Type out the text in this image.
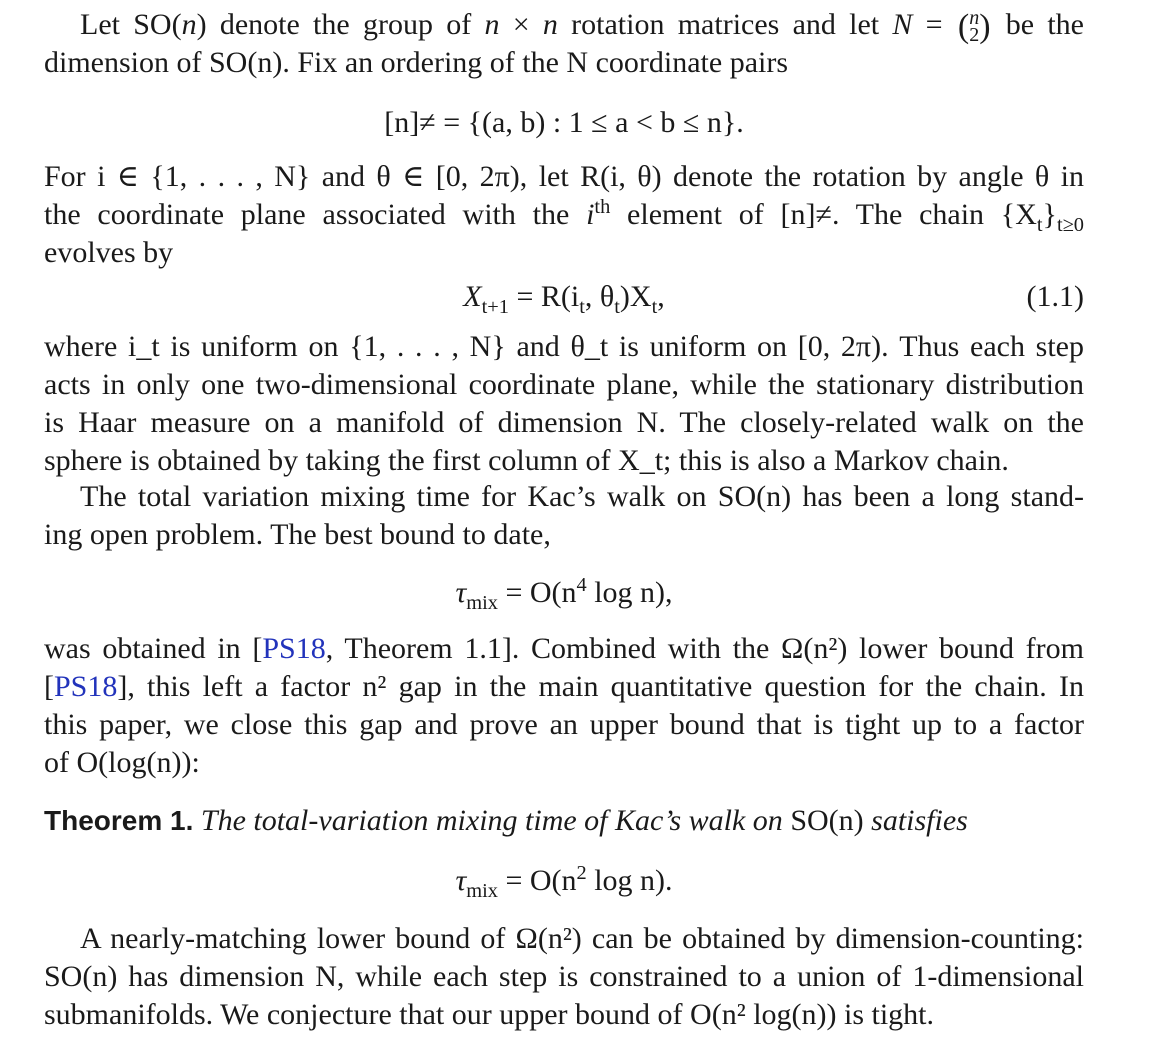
Let SO(n) denote the group of n × n rotation matrices and let N = (n
2) be the
dimension of SO(n). Fix an ordering of the N coordinate pairs
[n]≠ = {(a, b) : 1 ≤ a < b ≤ n}.
For i ∈ {1, . . . , N} and θ ∈ [0, 2π), let R(i, θ) denote the rotation by angle θ in
the coordinate plane associated with the $i^{th}$ element of [n]≠. The chain $\{X_t\}_{t\ge 0}$
evolves by
$X_{t+1} = R(i_t$, $\theta_t)X_t$,	(1.1)
where i_t is uniform on {1, . . . , N} and θ_t is uniform on [0, 2π). Thus each step
acts in only one two-dimensional coordinate plane, while the stationary distribution
is Haar measure on a manifold of dimension N. The closely-related walk on the
sphere is obtained by taking the first column of X_t; this is also a Markov chain.
The total variation mixing time for Kac’s walk on SO(n) has been a long stand-
ing open problem. The best bound to date,
$\tau_{mix} = O(n^4$ log n),
was obtained in [PS18, Theorem 1.1]. Combined with the Ω(n²) lower bound from
[PS18], this left a factor n² gap in the main quantitative question for the chain. In
this paper, we close this gap and prove an upper bound that is tight up to a factor
of O(log(n)):
Theorem 1. The total-variation mixing time of Kac’s walk on SO(n) satisfies
$\tau_{mix} = O(n^2$ log n).
A nearly-matching lower bound of Ω(n²) can be obtained by dimension-counting:
SO(n) has dimension N, while each step is constrained to a union of 1-dimensional
submanifolds. We conjecture that our upper bound of O(n² log(n)) is tight.
